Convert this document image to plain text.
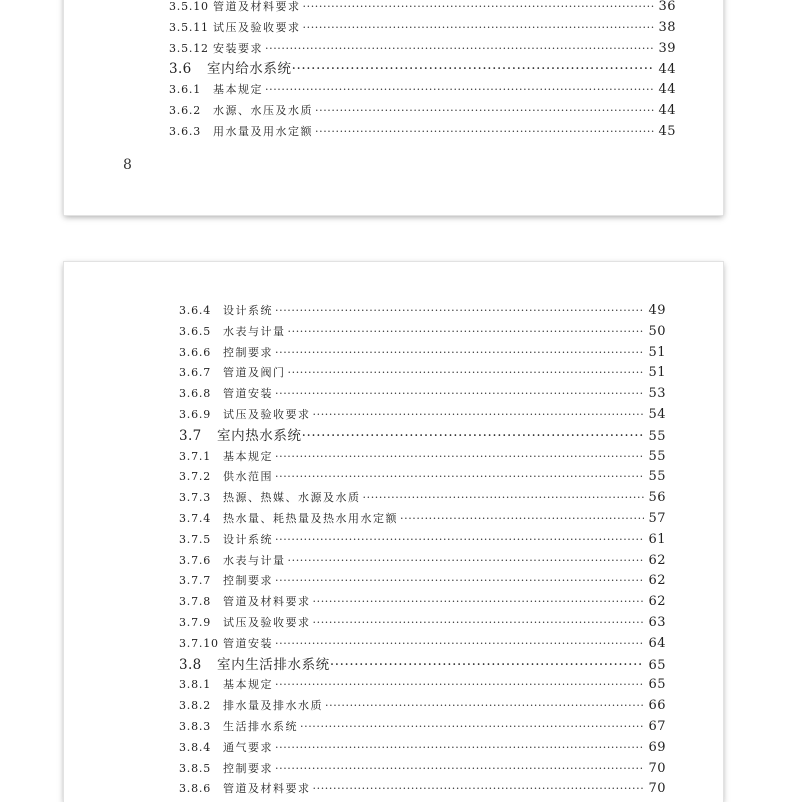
3.5.10 管道及材料要求 ·····	36
3.5.11 试压及验收要求 ·····	38
3.5.12 安装要求 ·····	39
3.6	室内给水系统 ·····	44
3.6.1	基本规定 ·····	44
3.6.2	水源、水压及水质 ·····	44
3.6.3	用水量及用水定额 ·····	45
8
3.6.4	设计系统 ·····	49
3.6.5	水表与计量 ·····	50
3.6.6	控制要求 ·····	51
3.6.7	管道及阀门 ·····	51
3.6.8	管道安装 ·····	53
3.6.9	试压及验收要求 ·····	54
3.7	室内热水系统 ·····	55
3.7.1	基本规定 ·····	55
3.7.2	供水范围 ·····	55
3.7.3	热源、热媒、水源及水质 ·····	56
3.7.4	热水量、耗热量及热水用水定额 ·····	57
3.7.5	设计系统 ·····	61
3.7.6	水表与计量 ·····	62
3.7.7	控制要求 ·····	62
3.7.8	管道及材料要求 ·····	62
3.7.9	试压及验收要求 ·····	63
3.7.10 管道安装 ·····	64
3.8	室内生活排水系统 ·····	65
3.8.1	基本规定 ·····	65
3.8.2	排水量及排水水质 ·····	66
3.8.3	生活排水系统 ·····	67
3.8.4	通气要求 ·····	69
3.8.5	控制要求 ·····	70
3.8.6	管道及材料要求 ·····	70
